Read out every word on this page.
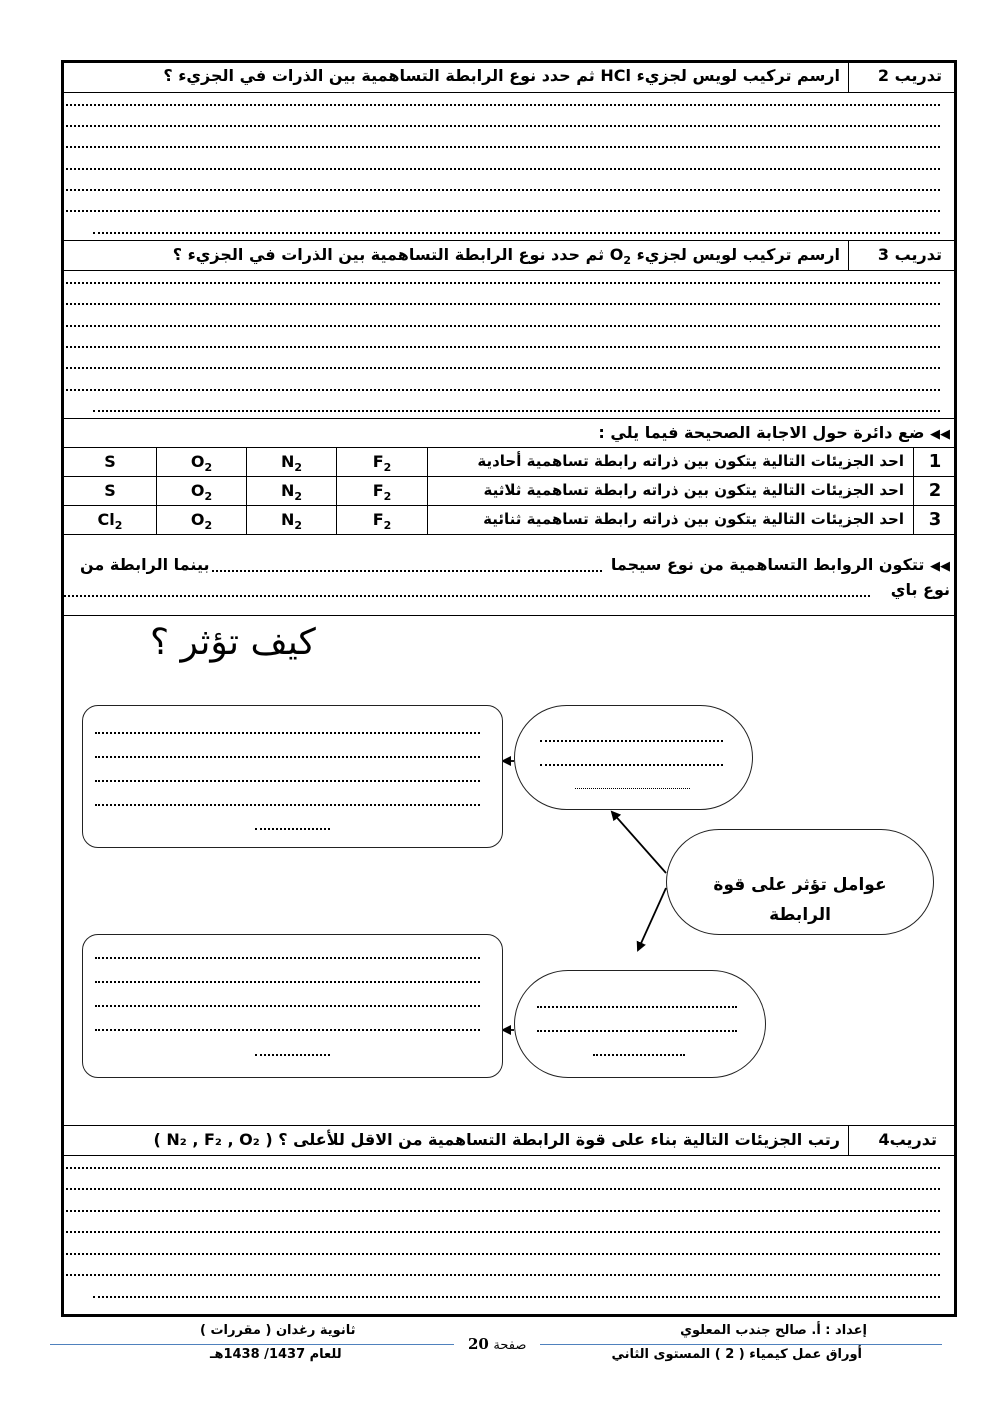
تدريب 2
ارسم تركيب لويس لجزيء HCl ثم حدد نوع الرابطة التساهمية بين الذرات في الجزيء ؟
تدريب 3
ارسم تركيب لويس لجزيء $O_2$ ثم حدد نوع الرابطة التساهمية بين الذرات في الجزيء ؟
◀◀ ضع دائرة حول الاجابة الصحيحة فيما يلي :
1
احد الجزيئات التالية يتكون بين ذراته رابطة تساهمية أحادية
$F_2$
$N_2$
$O_2$
S
2
احد الجزيئات التالية يتكون بين ذراته رابطة تساهمية ثلاثية
$F_2$
$N_2$
$O_2$
S
3
احد الجزيئات التالية يتكون بين ذراته رابطة تساهمية ثنائية
$F_2$
$N_2$
$O_2$
$Cl_2$
◀◀ تتكون الروابط التساهمية من نوع سيجما
بينما الرابطة من
نوع باي
كيف تؤثر ؟
عوامل تؤثر على قوة الرابطة
تدريب4
رتب الجزيئات التالية بناء على قوة الرابطة التساهمية من الاقل للأعلى ( N₂ , F₂ , O₂ ) ؟
إعداد : أ. صالح جندب المعلوي
أوراق عمل كيمياء ( 2 ) المستوى الثاني
صفحة 20
ثانوية رغدان ( مقررات )
للعام 1437/ 1438هـ
